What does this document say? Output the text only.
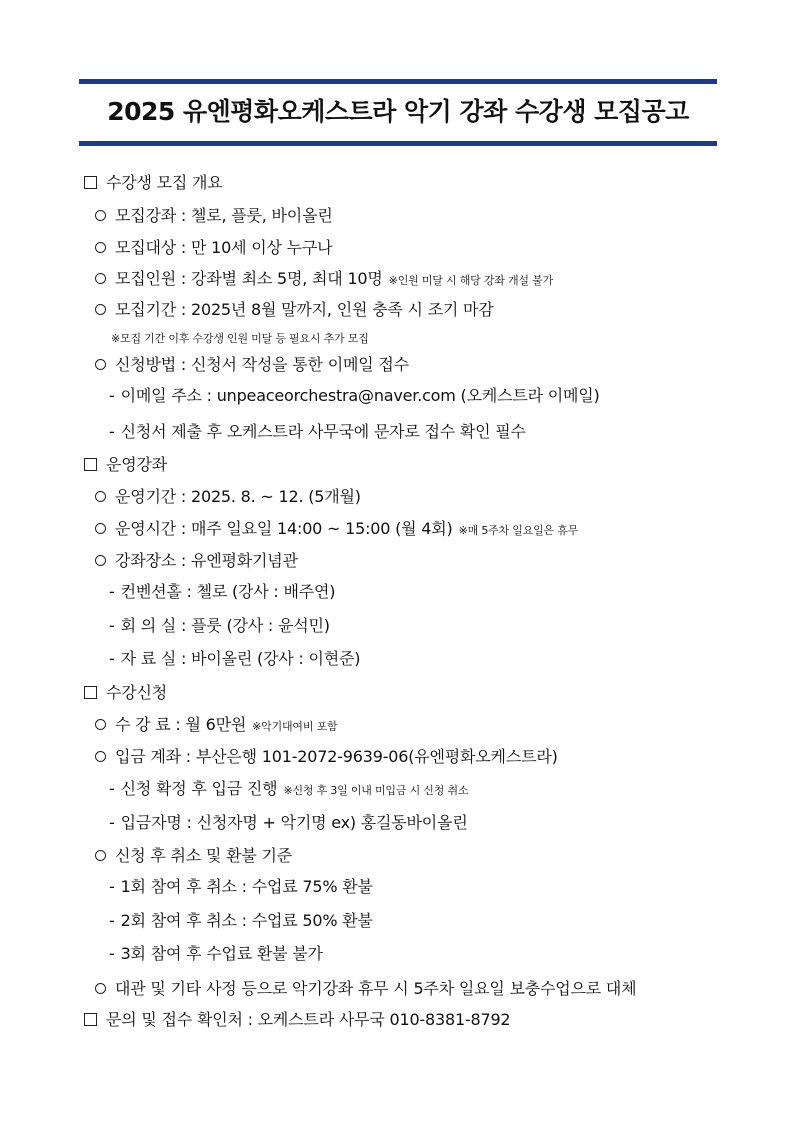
2025 유엔평화오케스트라 악기 강좌 수강생 모집공고
수강생 모집 개요
모집강좌 : 첼로, 플룻, 바이올린
모집대상 : 만 10세 이상 누구나
모집인원 : 강좌별 최소 5명, 최대 10명 ※인원 미달 시 해당 강좌 개설 불가
모집기간 : 2025년 8월 말까지, 인원 충족 시 조기 마감
※모집 기간 이후 수강생 인원 미달 등 필요시 추가 모집
신청방법 : 신청서 작성을 통한 이메일 접수
- 이메일 주소 : unpeaceorchestra@naver.com (오케스트라 이메일)
- 신청서 제출 후 오케스트라 사무국에 문자로 접수 확인 필수
운영강좌
운영기간 : 2025. 8. ~ 12. (5개월)
운영시간 : 매주 일요일 14:00 ~ 15:00 (월 4회) ※매 5주차 일요일은 휴무
강좌장소 : 유엔평화기념관
- 컨벤션홀 : 첼로 (강사 : 배주연)
- 회 의 실 : 플룻 (강사 : 윤석민)
- 자 료 실 : 바이올린 (강사 : 이현준)
수강신청
수 강 료 : 월 6만원 ※악기대여비 포함
입금 계좌 : 부산은행 101-2072-9639-06(유엔평화오케스트라)
- 신청 확정 후 입금 진행 ※신청 후 3일 이내 미입금 시 신청 취소
- 입금자명 : 신청자명 + 악기명 ex) 홍길동바이올린
신청 후 취소 및 환불 기준
- 1회 참여 후 취소 : 수업료 75% 환불
- 2회 참여 후 취소 : 수업료 50% 환불
- 3회 참여 후 수업료 환불 불가
대관 및 기타 사정 등으로 악기강좌 휴무 시 5주차 일요일 보충수업으로 대체
문의 및 접수 확인처 : 오케스트라 사무국 010-8381-8792
